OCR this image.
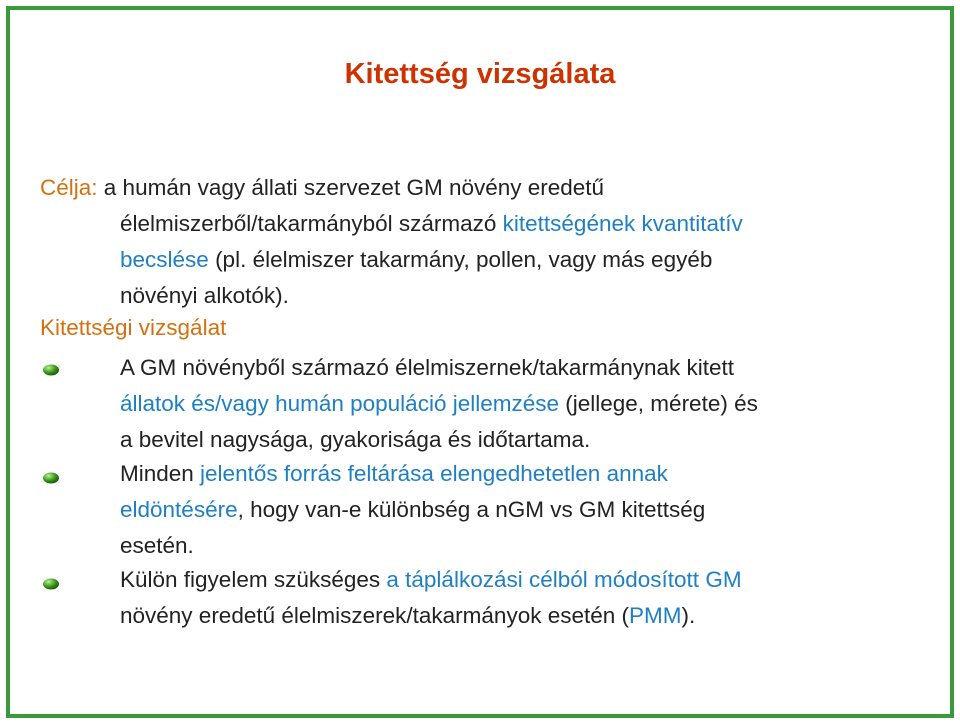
Kitettség vizsgálata
Célja: a humán vagy állati szervezet GM növény eredetű
élelmiszerből/takarmányból származó kitettségének kvantitatív
becslése (pl. élelmiszer takarmány, pollen, vagy más egyéb
növényi alkotók).
Kitettségi vizsgálat
A GM növényből származó élelmiszernek/takarmánynak kitett
állatok és/vagy humán populáció jellemzése (jellege, mérete) és
a bevitel nagysága, gyakorisága és időtartama.
Minden jelentős forrás feltárása elengedhetetlen annak
eldöntésére, hogy van-e különbség a nGM vs GM kitettség
esetén.
Külön figyelem szükséges a táplálkozási célból módosított GM
növény eredetű élelmiszerek/takarmányok esetén (PMM).
